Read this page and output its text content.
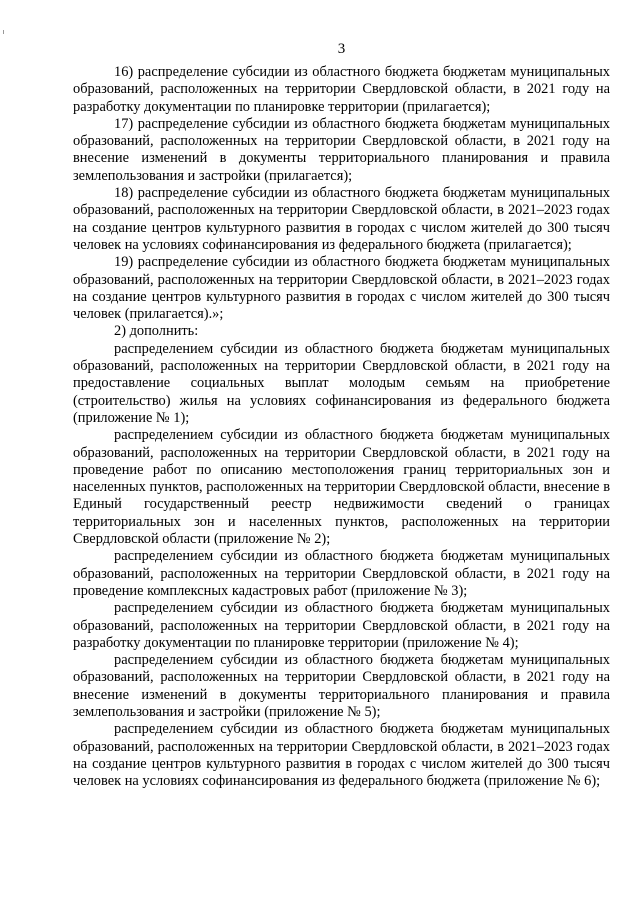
3

16) распределение субсидии из областного бюджета бюджетам муниципальных образований, расположенных на территории Свердловской области, в 2021 году на разработку документации по планировке территории (прилагается);

17) распределение субсидии из областного бюджета бюджетам муниципальных образований, расположенных на территории Свердловской области, в 2021 году на внесение изменений в документы территориального планирования и правила землепользования и застройки (прилагается);

18) распределение субсидии из областного бюджета бюджетам муниципальных образований, расположенных на территории Свердловской области, в 2021–2023 годах на создание центров культурного развития в городах с числом жителей до 300 тысяч человек на условиях софинансирования из федерального бюджета (прилагается);

19) распределение субсидии из областного бюджета бюджетам муниципальных образований, расположенных на территории Свердловской области, в 2021–2023 годах на создание центров культурного развития в городах с числом жителей до 300 тысяч человек (прилагается).»;

2) дополнить:

распределением субсидии из областного бюджета бюджетам муниципальных образований, расположенных на территории Свердловской области, в 2021 году на предоставление социальных выплат молодым семьям на приобретение (строительство) жилья на условиях софинансирования из федерального бюджета (приложение № 1);

распределением субсидии из областного бюджета бюджетам муниципальных образований, расположенных на территории Свердловской области, в 2021 году на проведение работ по описанию местоположения границ территориальных зон и населенных пунктов, расположенных на территории Свердловской области, внесение в Единый государственный реестр недвижимости сведений о границах территориальных зон и населенных пунктов, расположенных на территории Свердловской области (приложение № 2);

распределением субсидии из областного бюджета бюджетам муниципальных образований, расположенных на территории Свердловской области, в 2021 году на проведение комплексных кадастровых работ (приложение № 3);

распределением субсидии из областного бюджета бюджетам муниципальных образований, расположенных на территории Свердловской области, в 2021 году на разработку документации по планировке территории (приложение № 4);

распределением субсидии из областного бюджета бюджетам муниципальных образований, расположенных на территории Свердловской области, в 2021 году на внесение изменений в документы территориального планирования и правила землепользования и застройки (приложение № 5);

распределением субсидии из областного бюджета бюджетам муниципальных образований, расположенных на территории Свердловской области, в 2021–2023 годах на создание центров культурного развития в городах с числом жителей до 300 тысяч человек на условиях софинансирования из федерального бюджета (приложение № 6);
